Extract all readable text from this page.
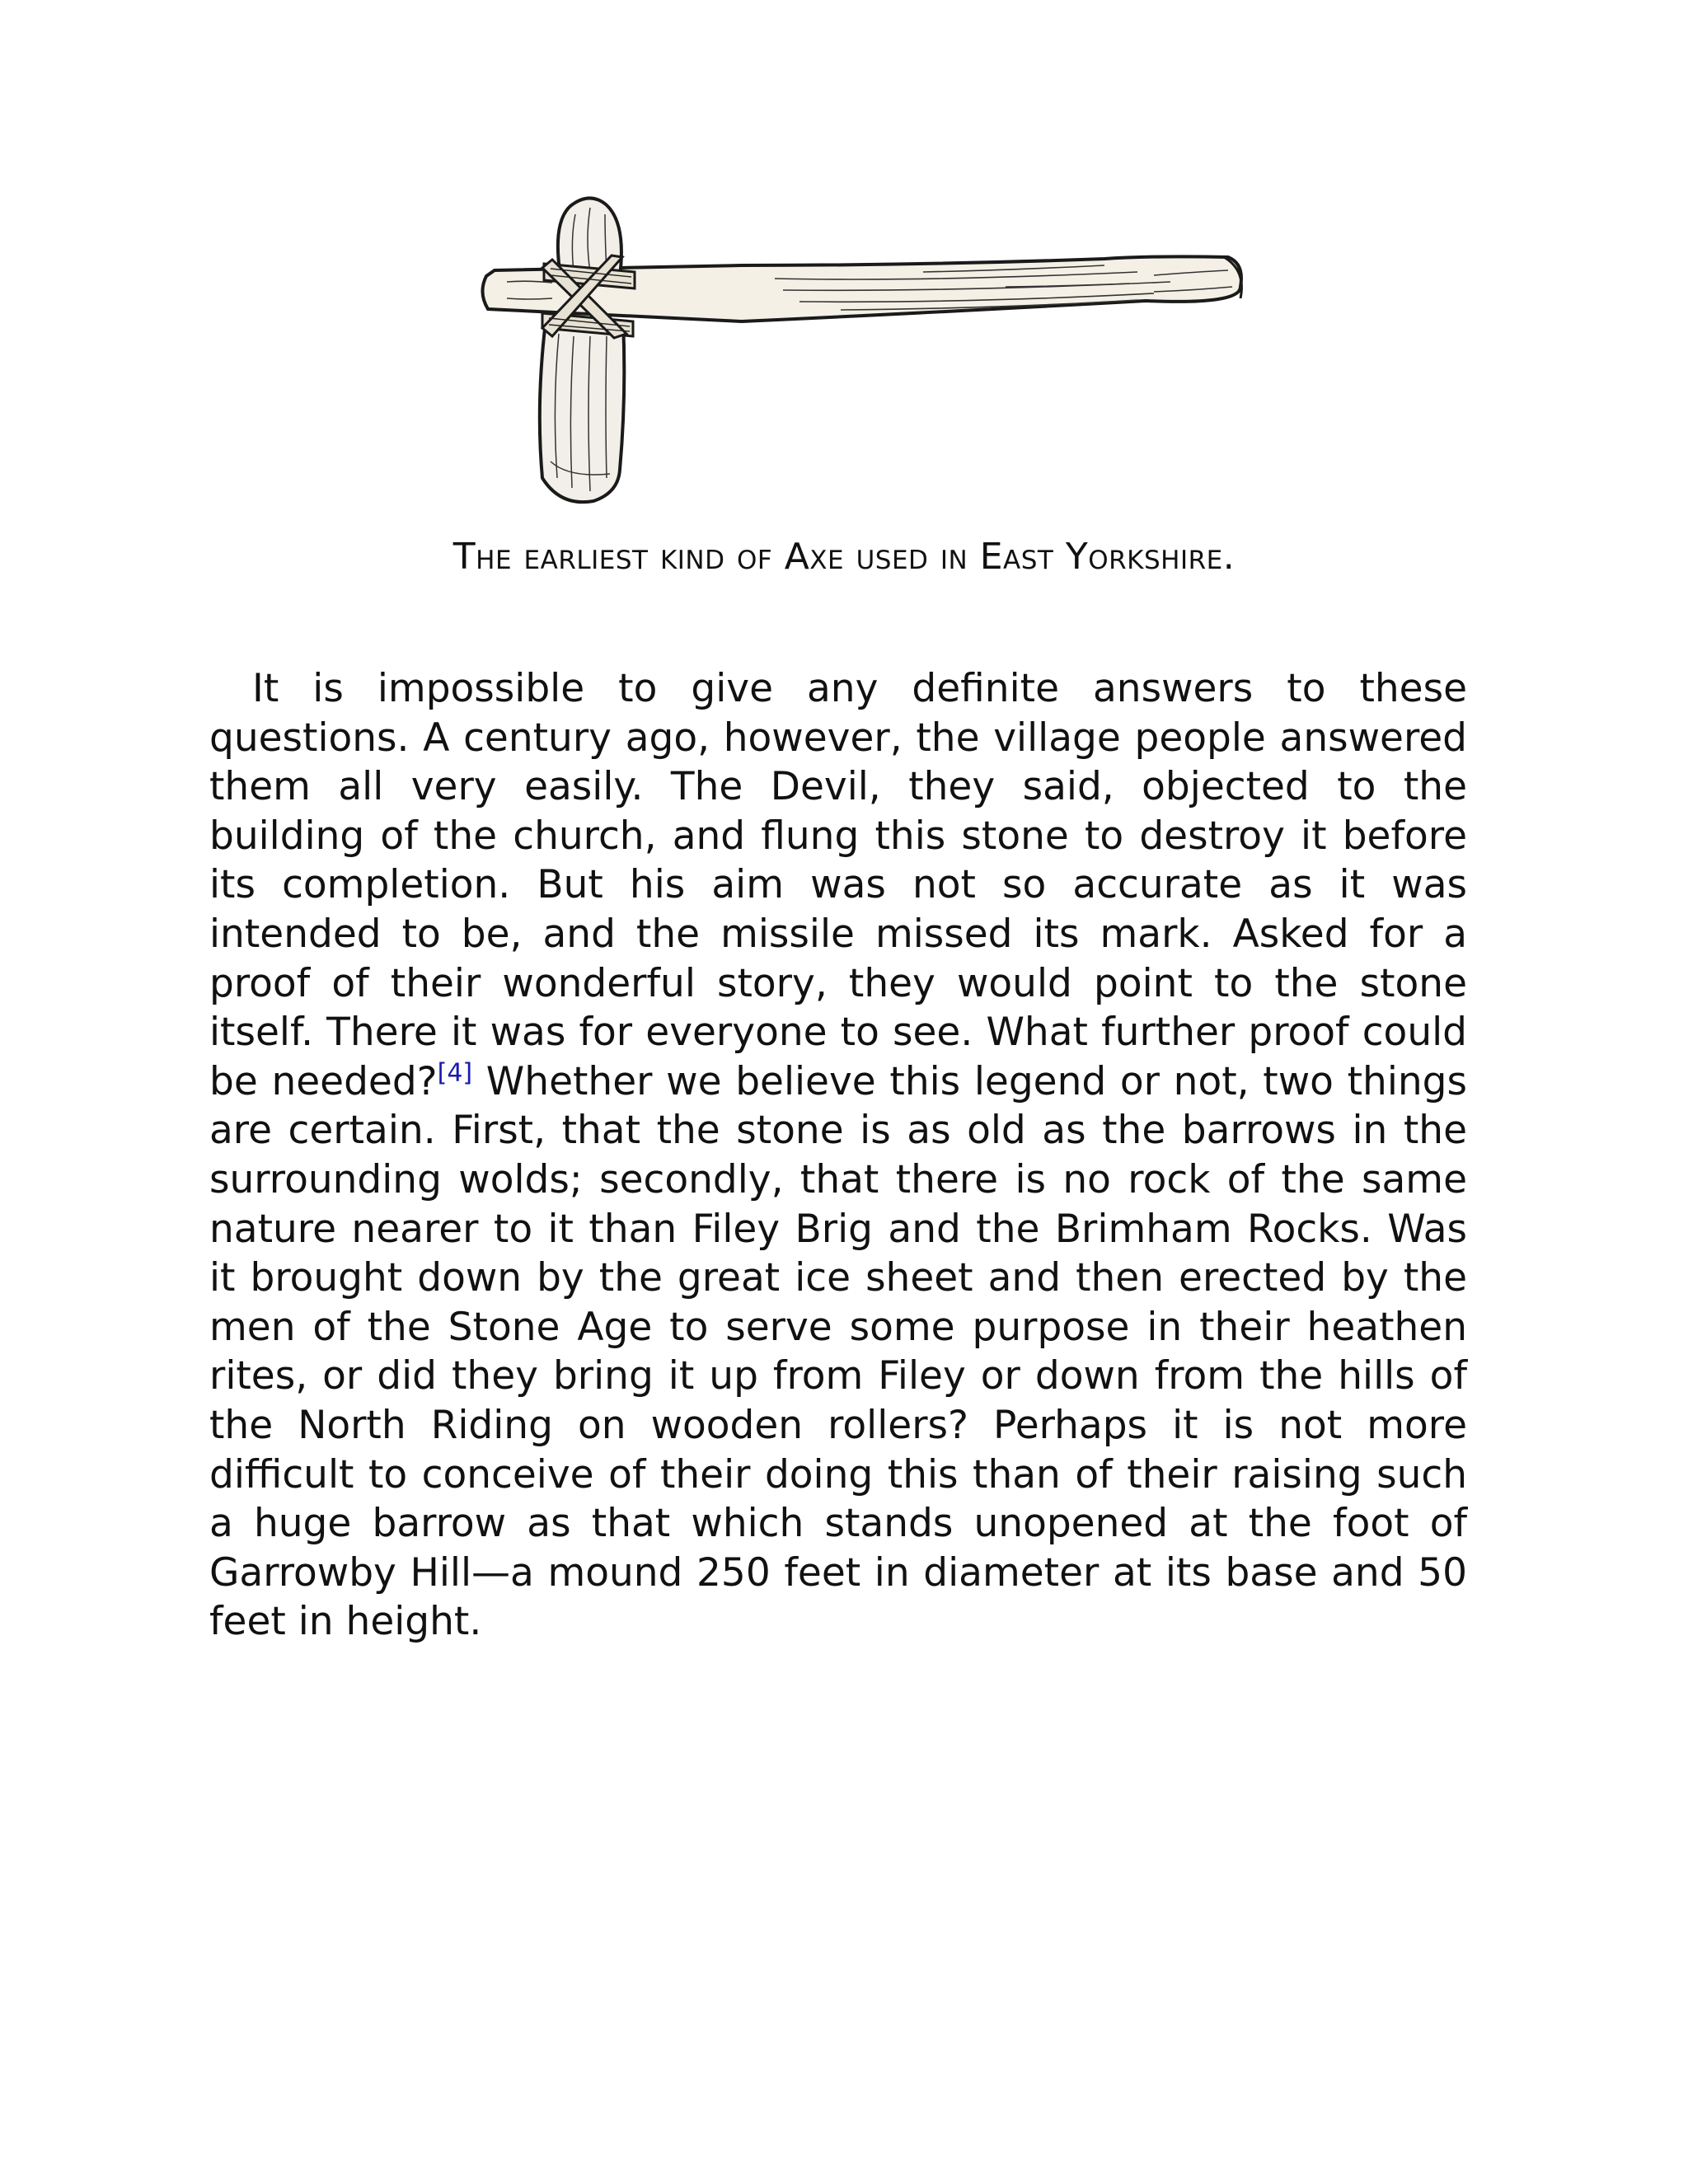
The earliest kind of Axe used in East Yorkshire.

It is impossible to give any definite answers to these questions. A century ago, however, the village people answered them all very easily. The Devil, they said, objected to the building of the church, and flung this stone to destroy it before its completion. But his aim was not so accurate as it was intended to be, and the missile missed its mark. Asked for a proof of their wonderful story, they would point to the stone itself. There it was for everyone to see. What further proof could be needed?[4] Whether we believe this legend or not, two things are certain. First, that the stone is as old as the barrows in the surrounding wolds; secondly, that there is no rock of the same nature nearer to it than Filey Brig and the Brimham Rocks. Was it brought down by the great ice sheet and then erected by the men of the Stone Age to serve some purpose in their heathen rites, or did they bring it up from Filey or down from the hills of the North Riding on wooden rollers? Perhaps it is not more difficult to conceive of their doing this than of their raising such a huge barrow as that which stands unopened at the foot of Garrowby Hill—a mound 250 feet in diameter at its base and 50 feet in height.
